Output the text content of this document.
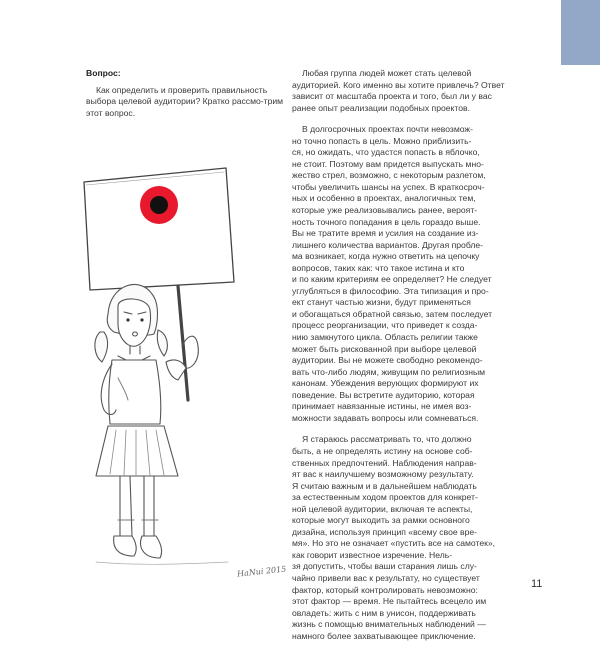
Вопрос:
Как определить и проверить правильность выбора целевой аудитории? Кратко рассмо-трим этот вопрос.

Любая группа людей может стать целевой
аудиторией. Кого именно вы хотите привлечь? Ответ
зависит от масштаба проекта и того, был ли у вас
ранее опыт реализации подобных проектов.

В долгосрочных проектах почти невозмож-
но точно попасть в цель. Можно приблизить-
ся, но ожидать, что удастся попасть в яблочко,
не стоит. Поэтому вам придется выпускать мно-
жество стрел, возможно, с некоторым разлетом,
чтобы увеличить шансы на успех. В краткосроч-
ных и особенно в проектах, аналогичных тем,
которые уже реализовывались ранее, вероят-
ность точного попадания в цель гораздо выше.
Вы не тратите время и усилия на создание из-
лишнего количества вариантов. Другая пробле-
ма возникает, когда нужно ответить на цепочку
вопросов, таких как: что такое истина и кто
и по каким критериям ее определяет? Не следует
углубляться в философию. Эта типизация и про-
ект станут частью жизни, будут применяться
и обогащаться обратной связью, затем последует
процесс реорганизации, что приведет к созда-
нию замкнутого цикла. Область религии также
может быть рискованной при выборе целевой
аудитории. Вы не можете свободно рекомендо-
вать что-либо людям, живущим по религиозным
канонам. Убеждения верующих формируют их
поведение. Вы встретите аудиторию, которая
принимает навязанные истины, не имея воз-
можности задавать вопросы или сомневаться.

Я стараюсь рассматривать то, что должно
быть, а не определять истину на основе соб-
ственных предпочтений. Наблюдения направ-
ят вас к наилучшему возможному результату.
Я считаю важным и в дальнейшем наблюдать
за естественным ходом проектов для конкрет-
ной целевой аудитории, включая те аспекты,
которые могут выходить за рамки основного
дизайна, используя принцип «всему свое вре-
мя». Но это не означает «пустить все на самотек»,
как говорит известное изречение. Нель-
зя допустить, чтобы ваши старания лишь слу-
чайно привели вас к результату, но существует
фактор, который контролировать невозможно:
этот фактор — время. Не пытайтесь всецело им
овладеть: жить с ним в унисон, поддерживать
жизнь с помощью внимательных наблюдений —
намного более захватывающее приключение.

HaNui 2015
11
